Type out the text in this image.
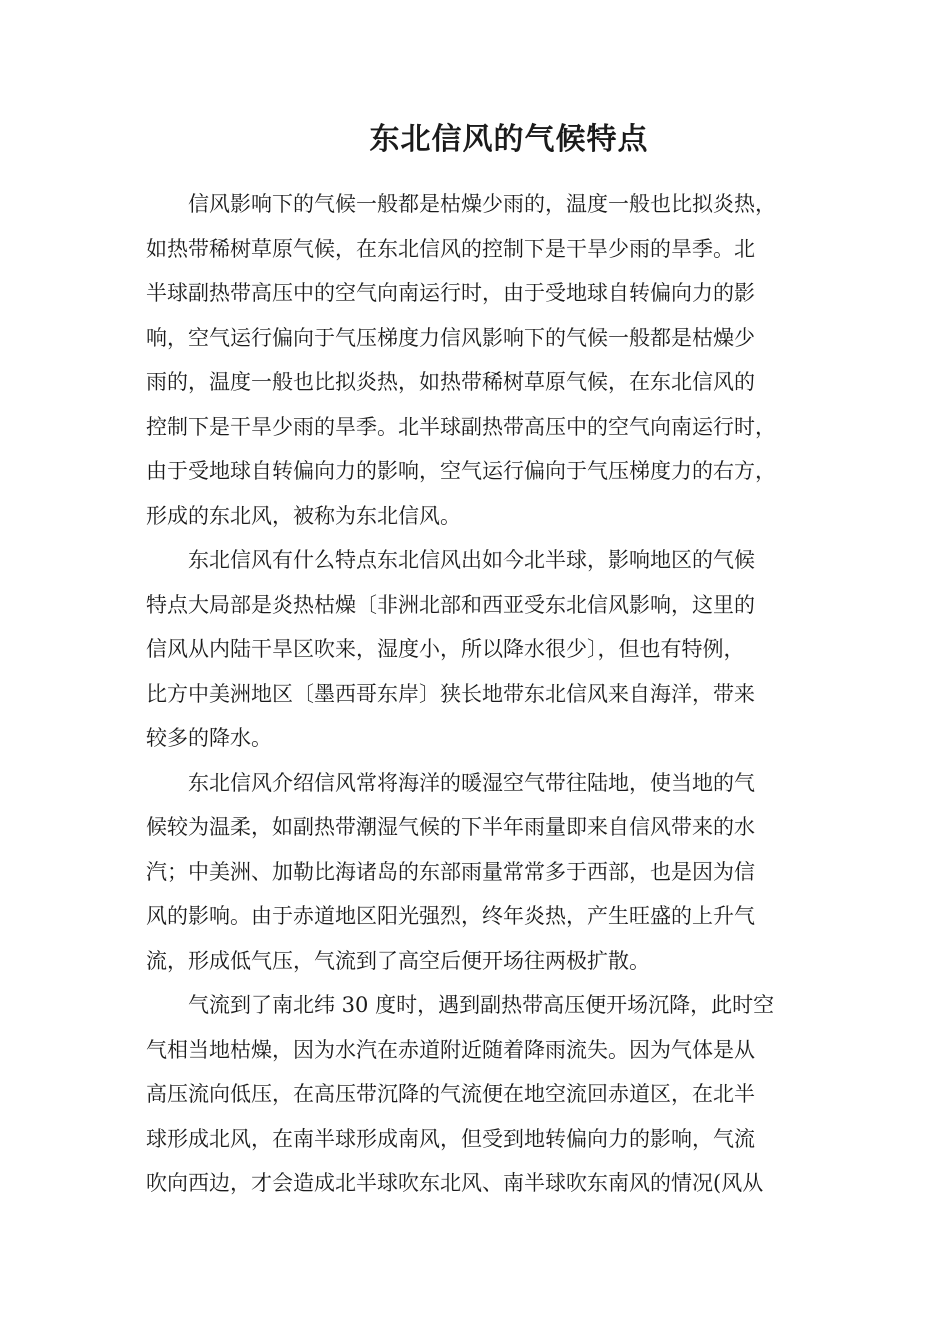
东北信风的气候特点
信风影响下的气候一般都是枯燥少雨的，温度一般也比拟炎热，
如热带稀树草原气候，在东北信风的控制下是干旱少雨的旱季。北
半球副热带高压中的空气向南运行时，由于受地球自转偏向力的影
响，空气运行偏向于气压梯度力信风影响下的气候一般都是枯燥少
雨的，温度一般也比拟炎热，如热带稀树草原气候，在东北信风的
控制下是干旱少雨的旱季。北半球副热带高压中的空气向南运行时，
由于受地球自转偏向力的影响，空气运行偏向于气压梯度力的右方，
形成的东北风，被称为东北信风。
东北信风有什么特点东北信风出如今北半球，影响地区的气候
特点大局部是炎热枯燥〔非洲北部和西亚受东北信风影响，这里的
信风从内陆干旱区吹来，湿度小，所以降水很少〕，但也有特例，
比方中美洲地区〔墨西哥东岸〕狭长地带东北信风来自海洋，带来
较多的降水。
东北信风介绍信风常将海洋的暖湿空气带往陆地，使当地的气
候较为温柔，如副热带潮湿气候的下半年雨量即来自信风带来的水
汽；中美洲、加勒比海诸岛的东部雨量常常多于西部，也是因为信
风的影响。由于赤道地区阳光强烈，终年炎热，产生旺盛的上升气
流，形成低气压，气流到了高空后便开场往两极扩散。
气流到了南北纬 30 度时，遇到副热带高压便开场沉降，此时空
气相当地枯燥，因为水汽在赤道附近随着降雨流失。因为气体是从
高压流向低压，在高压带沉降的气流便在地空流回赤道区，在北半
球形成北风，在南半球形成南风，但受到地转偏向力的影响，气流
吹向西边，才会造成北半球吹东北风、南半球吹东南风的情况(风从
